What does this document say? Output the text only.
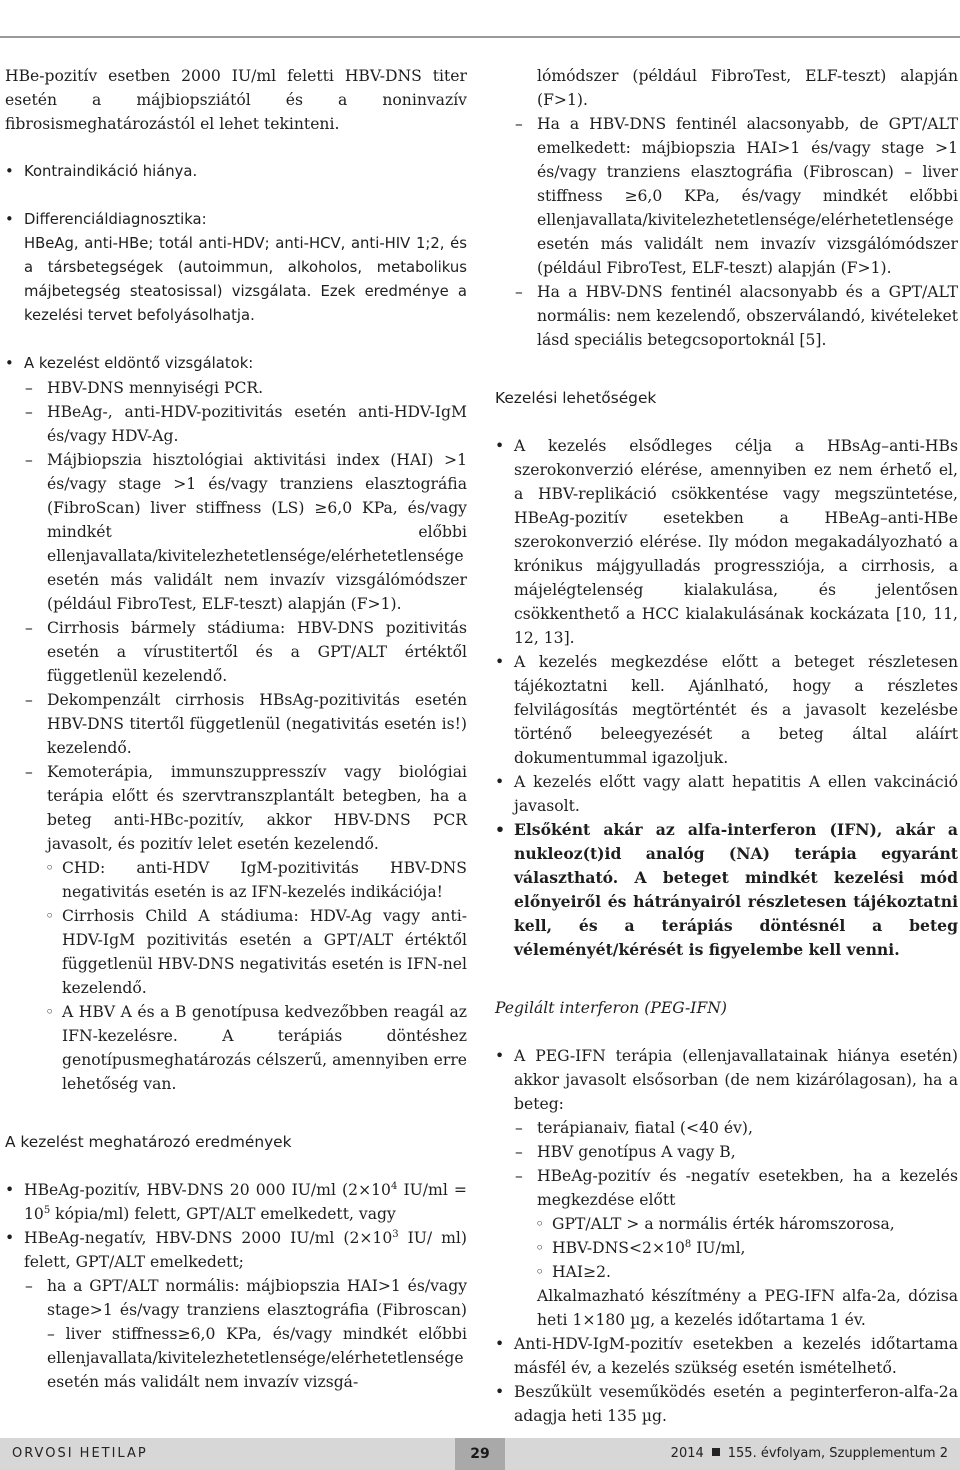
HBe-pozitív esetben 2000 IU/ml feletti HBV-DNS titer esetén a májbiopsziától és a noninvazív fibrosismeghatározástól el lehet tekinteni.

• Kontraindikáció hiánya.
• Differenciáldiagnosztika:
HBeAg, anti-HBe; totál anti-HDV; anti-HCV, anti-HIV 1;2, és a társbetegségek (autoimmun, alkoholos, metabolikus májbetegség steatosissal) vizsgálata. Ezek eredménye a kezelési tervet befolyásolhatja.
• A kezelést eldöntő vizsgálatok:
– HBV-DNS mennyiségi PCR.
– HBeAg-, anti-HDV-pozitivitás esetén anti-HDV-IgM és/vagy HDV-Ag.
– Májbiopszia hisztológiai aktivitási index (HAI) >1 és/vagy stage >1 és/vagy tranziens elasztográfia (FibroScan) liver stiffness (LS) ≥6,0 KPa, és/vagy mindkét előbbi ellenjavallata/kivitelezhetetlensége/elérhetetlensége esetén más validált nem invazív vizsgálómódszer (például FibroTest, ELF-teszt) alapján (F>1).
– Cirrhosis bármely stádiuma: HBV-DNS pozitivitás esetén a vírustitertől és a GPT/ALT értéktől függetlenül kezelendő.
– Dekompenzált cirrhosis HBsAg-pozitivitás esetén HBV-DNS titertől függetlenül (negativitás esetén is!) kezelendő.
– Kemoterápia, immunszuppresszív vagy biológiai terápia előtt és szervtranszplantált betegben, ha a beteg anti-HBc-pozitív, akkor HBV-DNS PCR javasolt, és pozitív lelet esetén kezelendő.
◦ CHD: anti-HDV IgM-pozitivitás HBV-DNS negativitás esetén is az IFN-kezelés indikációja!
◦ Cirrhosis Child A stádiuma: HDV-Ag vagy anti-HDV-IgM pozitivitás esetén a GPT/ALT értéktől függetlenül HBV-DNS negativitás esetén is IFN-nel kezelendő.
◦ A HBV A és a B genotípusa kedvezőbben reagál az IFN-kezelésre. A terápiás döntéshez genotípusmeghatározás célszerű, amennyiben erre lehetőség van.

A kezelést meghatározó eredmények

• HBeAg-pozitív, HBV-DNS 20 000 IU/ml ($2\times 10^4$ $IU/ml = 10^5$ kópia/ml) felett, GPT/ALT emelkedett, vagy
• HBeAg-negatív, HBV-DNS 2000 IU/ml ($2\times 10^3$ IU/ ml) felett, GPT/ALT emelkedett;
– ha a GPT/ALT normális: májbiopszia HAI>1 és/vagy stage>1 és/vagy tranziens elasztográfia (Fibroscan) – liver stiffness≥6,0 KPa, és/vagy mindkét előbbi ellenjavallata/kivitelezhetetlensége/elérhetetlensége esetén más validált nem invazív vizsgá-
lómódszer (például FibroTest, ELF-teszt) alapján (F>1).
– Ha a HBV-DNS fentinél alacsonyabb, de GPT/ALT emelkedett: májbiopszia HAI>1 és/vagy stage >1 és/vagy tranziens elasztográfia (Fibroscan) – liver stiffness ≥6,0 KPa, és/vagy mindkét előbbi ellenjavallata/kivitelezhetetlensége/elérhetetlensége esetén más validált nem invazív vizsgálómódszer (például FibroTest, ELF-teszt) alapján (F>1).
– Ha a HBV-DNS fentinél alacsonyabb és a GPT/ALT normális: nem kezelendő, obszerválandó, kivételeket lásd speciális betegcsoportoknál [5].

Kezelési lehetőségek

• A kezelés elsődleges célja a HBsAg–anti-HBs szerokonverzió elérése, amennyiben ez nem érhető el, a HBV-replikáció csökkentése vagy megszüntetése, HBeAg-pozitív esetekben a HBeAg–anti-HBe szerokonverzió elérése. Ily módon megakadályozható a krónikus májgyulladás progressziója, a cirrhosis, a májelégtelenség kialakulása, és jelentősen csökkenthető a HCC kialakulásának kockázata [10, 11, 12, 13].
• A kezelés megkezdése előtt a beteget részletesen tájékoztatni kell. Ajánlható, hogy a részletes felvilágosítás megtörténtét és a javasolt kezelésbe történő beleegyezését a beteg által aláírt dokumentummal igazoljuk.
• A kezelés előtt vagy alatt hepatitis A ellen vakcináció javasolt.
• Elsőként akár az alfa-interferon (IFN), akár a nukleoz(t)id analóg (NA) terápia egyaránt választható. A beteget mindkét kezelési mód előnyeiről és hátrányairól részletesen tájékoztatni kell, és a terápiás döntésnél a beteg véleményét/kérését is figyelembe kell venni.

Pegilált interferon (PEG-IFN)

• A PEG-IFN terápia (ellenjavallatainak hiánya esetén) akkor javasolt elsősorban (de nem kizárólagosan), ha a beteg:
– terápianaiv, fiatal (<40 év),
– HBV genotípus A vagy B,
– HBeAg-pozitív és -negatív esetekben, ha a kezelés megkezdése előtt
◦ GPT/ALT > a normális érték háromszorosa,
◦ HBV-$DNS<2\times 10^8$ IU/ml,
◦ HAI≥2.
Alkalmazható készítmény a PEG-IFN alfa-2a, dózisa heti 1×180 µg, a kezelés időtartama 1 év.
• Anti-HDV-IgM-pozitív esetekben a kezelés időtartama másfél év, a kezelés szükség esetén ismételhető.
• Beszűkült veseműködés esetén a peginterferon-alfa-2a adagja heti 135 µg.
ORVOSI HETILAP	29	2014 155. évfolyam, Szupplementum 2
